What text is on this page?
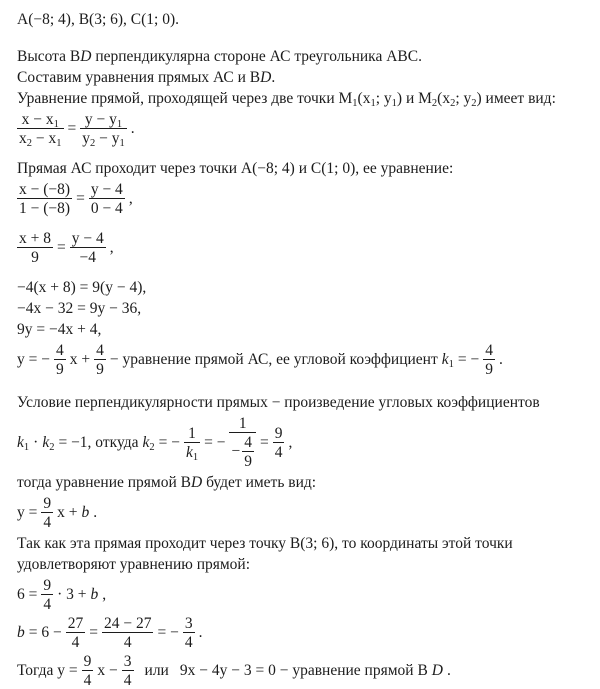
A(−8; 4), B(3; 6), C(1; 0).
Высота ВD перпендикулярна стороне АС треугольника АВС.
Составим уравнения прямых АС и ВD.
Уравнение прямой, проходящей через две точки $М_1(x_1$; $y_1$) и $М_2(x_2$; $y_2$) имеет вид:
$\frac{x - x_1}{x_2 - x_1} = \frac{y - y_1}{y_2 - y_1}$ .
Прямая АС проходит через точки А(−8; 4) и С(1; 0), ее уравнение:
$\frac{x - (-8)}{1 - (-8)} = \frac{y - 4}{0 - 4}$ ,
$\frac{x + 8}{9} = \frac{y - 4}{-4}$ ,
−4(x + 8) = 9(y − 4),
−4x − 32 = 9y − 36,
9y = −4x + 4,
y = − $\frac{4}{9}$ $x + \frac{4}{9}$ − уравнение прямой АС, ее угловой коэффициент $k_1$ = − $\frac{4}{9}$ .
Условие перпендикулярности прямых − произведение угловых коэффициентов
$k_1 \cdot k_2 = -1$, откуда $k_2$ = − $\frac{1}{k_1}$ = − $\frac{1}{- \frac{4}{9}} = \frac{9}{4}$ ,
тогда уравнение прямой ВD будет иметь вид:
$y = \frac{9}{4}$ x + b .
Так как эта прямая проходит через точку В(3; 6), то координаты этой точки
удовлетворяют уравнению прямой:
$6 = \frac{9}{4} \cdot 3 + b$ ,
$b = 6 - \frac{27}{4} = \frac{24 - 27}{4}$ = − $\frac{3}{4}$ .
Тогда $y = \frac{9}{4}$ $x - \frac{3}{4}$ или 9x − 4y − 3 = 0 − уравнение прямой В D .
